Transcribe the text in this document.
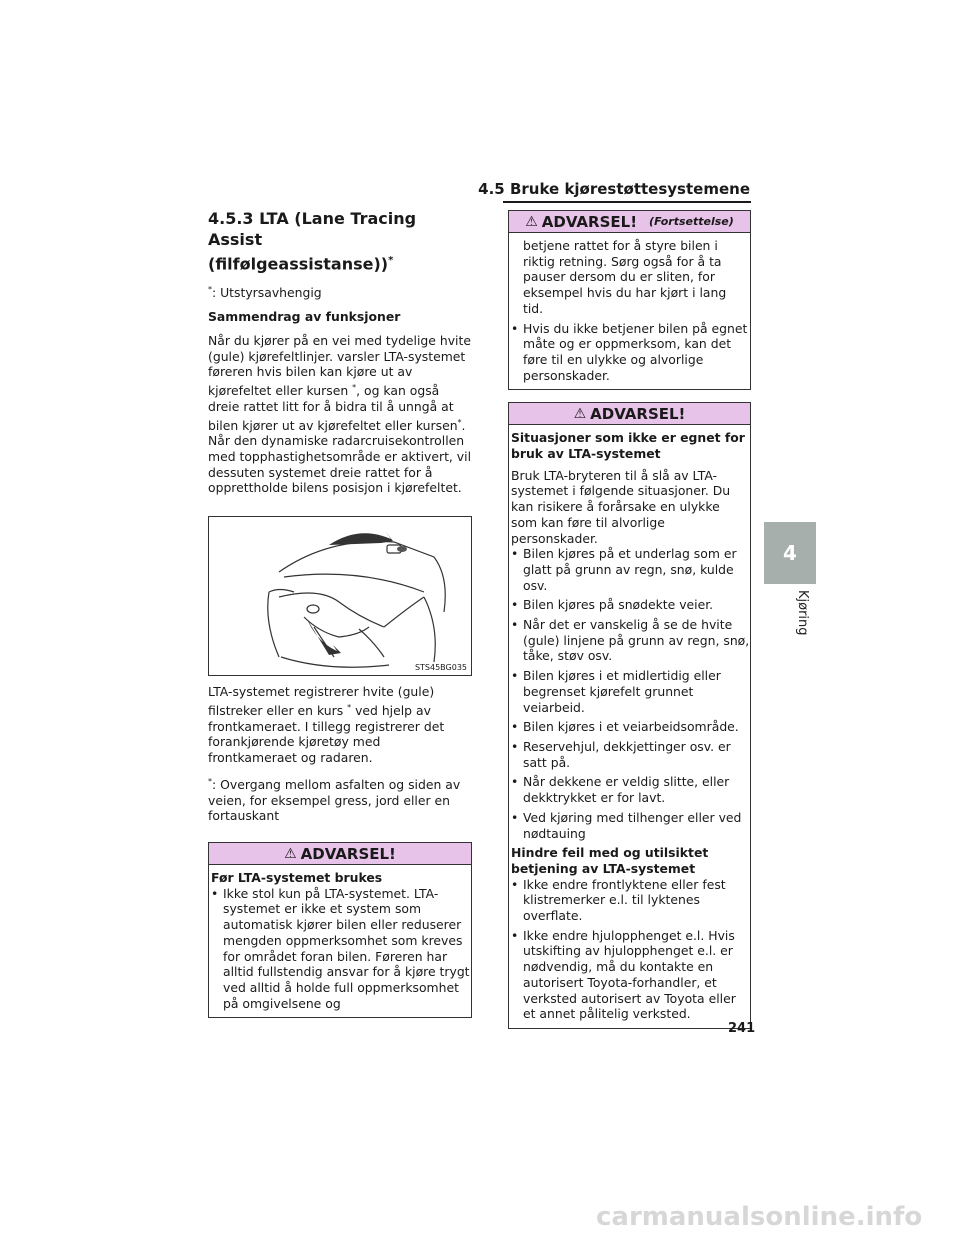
4.5 Bruke kjørestøttesystemene
4
Kjøring
4.5.3 LTA (Lane Tracing Assist
(filfølgeassistanse))*

*: Utstyrsavhengig

Sammendrag av funksjoner

Når du kjører på en vei med tydelige hvite (gule) kjørefeltlinjer. varsler LTA-systemet føreren hvis bilen kan kjøre ut av kjørefeltet eller kursen *, og kan også dreie rattet litt for å bidra til å unngå at bilen kjører ut av kjørefeltet eller kursen*. Når den dynamiske radarcruisekontrollen med topphastighetsområde er aktivert, vil dessuten systemet dreie rattet for å opprettholde bilens posisjon i kjørefeltet.

STS45BG035

LTA-systemet registrerer hvite (gule) filstreker eller en kurs * ved hjelp av frontkameraet. I tillegg registrerer det forankjørende kjøretøy med frontkameraet og radaren.

*: Overgang mellom asfalten og siden av veien, for eksempel gress, jord eller en fortauskant

⚠ ADVARSEL!

Før LTA-systemet brukes

• Ikke stol kun på LTA-systemet. LTA-systemet er ikke et system som automatisk kjører bilen eller reduserer mengden oppmerksomhet som kreves for området foran bilen. Føreren har alltid fullstendig ansvar for å kjøre trygt ved alltid å holde full oppmerksomhet på omgivelsene og
⚠ ADVARSEL! (Fortsettelse)
betjene rattet for å styre bilen i riktig retning. Sørg også for å ta pauser dersom du er sliten, for eksempel hvis du har kjørt i lang tid.
• Hvis du ikke betjener bilen på egnet måte og er oppmerksom, kan det føre til en ulykke og alvorlige personskader.
⚠ ADVARSEL!

Situasjoner som ikke er egnet for bruk av LTA-systemet

Bruk LTA-bryteren til å slå av LTA-systemet i følgende situasjoner. Du kan risikere å forårsake en ulykke som kan føre til alvorlige personskader.

• Bilen kjøres på et underlag som er glatt på grunn av regn, snø, kulde osv.
• Bilen kjøres på snødekte veier.
• Når det er vanskelig å se de hvite (gule) linjene på grunn av regn, snø, tåke, støv osv.
• Bilen kjøres i et midlertidig eller begrenset kjørefelt grunnet veiarbeid.
• Bilen kjøres i et veiarbeidsområde.
• Reservehjul, dekkjettinger osv. er satt på.
• Når dekkene er veldig slitte, eller dekktrykket er for lavt.
• Ved kjøring med tilhenger eller ved nødtauing

Hindre feil med og utilsiktet betjening av LTA-systemet

• Ikke endre frontlyktene eller fest klistremerker e.l. til lyktenes overflate.
• Ikke endre hjulopphenget e.l. Hvis utskifting av hjulopphenget e.l. er nødvendig, må du kontakte en autorisert Toyota-forhandler, et verksted autorisert av Toyota eller et annet pålitelig verksted.
241
carmanualsonline.info
